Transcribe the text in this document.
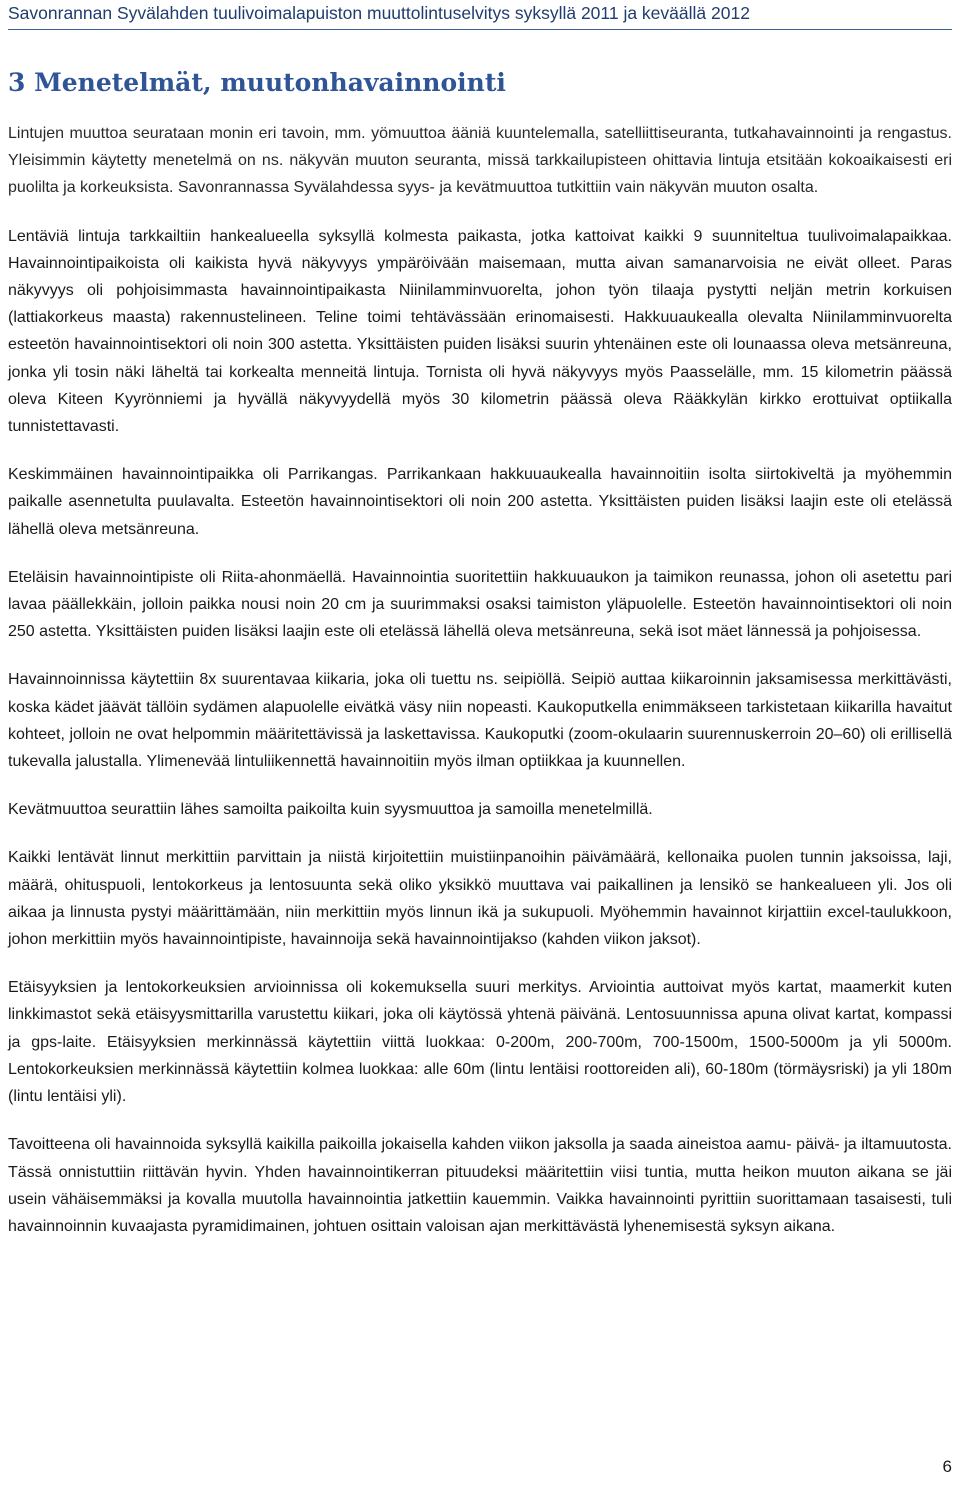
Savonrannan Syvälahden tuulivoimalapuiston muuttolintuselvitys syksyllä 2011 ja keväällä 2012
3 Menetelmät, muutonhavainnointi

Lintujen muuttoa seurataan monin eri tavoin, mm. yömuuttoa ääniä kuuntelemalla, satelliittiseuranta, tutkahavainnointi ja rengastus. Yleisimmin käytetty menetelmä on ns. näkyvän muuton seuranta, missä tarkkailupisteen ohittavia lintuja etsitään kokoaikaisesti eri puolilta ja korkeuksista. Savonrannassa Syvälahdessa syys- ja kevätmuuttoa tutkittiin vain näkyvän muuton osalta.

Lentäviä lintuja tarkkailtiin hankealueella syksyllä kolmesta paikasta, jotka kattoivat kaikki 9 suunniteltua tuulivoimalapaikkaa. Havainnointipaikoista oli kaikista hyvä näkyvyys ympäröivään maisemaan, mutta aivan samanarvoisia ne eivät olleet. Paras näkyvyys oli pohjoisimmasta havainnointipaikasta Niinilamminvuorelta, johon työn tilaaja pystytti neljän metrin korkuisen (lattiakorkeus maasta) rakennustelineen. Teline toimi tehtävässään erinomaisesti. Hakkuuaukealla olevalta Niinilamminvuorelta esteetön havainnointisektori oli noin 300 astetta. Yksittäisten puiden lisäksi suurin yhtenäinen este oli lounaassa oleva metsänreuna, jonka yli tosin näki läheltä tai korkealta menneitä lintuja. Tornista oli hyvä näkyvyys myös Paasselälle, mm. 15 kilometrin päässä oleva Kiteen Kyyrönniemi ja hyvällä näkyvyydellä myös 30 kilometrin päässä oleva Rääkkylän kirkko erottuivat optiikalla tunnistettavasti.

Keskimmäinen havainnointipaikka oli Parrikangas. Parrikankaan hakkuuaukealla havainnoitiin isolta siirtokiveltä ja myöhemmin paikalle asennetulta puulavalta. Esteetön havainnointisektori oli noin 200 astetta. Yksittäisten puiden lisäksi laajin este oli etelässä lähellä oleva metsänreuna.

Eteläisin havainnointipiste oli Riita-ahonmäellä. Havainnointia suoritettiin hakkuuaukon ja taimikon reunassa, johon oli asetettu pari lavaa päällekkäin, jolloin paikka nousi noin 20 cm ja suurimmaksi osaksi taimiston yläpuolelle. Esteetön havainnointisektori oli noin 250 astetta. Yksittäisten puiden lisäksi laajin este oli etelässä lähellä oleva metsänreuna, sekä isot mäet lännessä ja pohjoisessa.

Havainnoinnissa käytettiin 8x suurentavaa kiikaria, joka oli tuettu ns. seipiöllä. Seipiö auttaa kiikaroinnin jaksamisessa merkittävästi, koska kädet jäävät tällöin sydämen alapuolelle eivätkä väsy niin nopeasti. Kaukoputkella enimmäkseen tarkistetaan kiikarilla havaitut kohteet, jolloin ne ovat helpommin määritettävissä ja laskettavissa. Kaukoputki (zoom-okulaarin suurennuskerroin 20–60) oli erillisellä tukevalla jalustalla. Ylimenevää lintuliikennettä havainnoitiin myös ilman optiikkaa ja kuunnellen.

Kevätmuuttoa seurattiin lähes samoilta paikoilta kuin syysmuuttoa ja samoilla menetelmillä.

Kaikki lentävät linnut merkittiin parvittain ja niistä kirjoitettiin muistiinpanoihin päivämäärä, kellonaika puolen tunnin jaksoissa, laji, määrä, ohituspuoli, lentokorkeus ja lentosuunta sekä oliko yksikkö muuttava vai paikallinen ja lensikö se hankealueen yli. Jos oli aikaa ja linnusta pystyi määrittämään, niin merkittiin myös linnun ikä ja sukupuoli. Myöhemmin havainnot kirjattiin excel-taulukkoon, johon merkittiin myös havainnointipiste, havainnoija sekä havainnointijakso (kahden viikon jaksot).

Etäisyyksien ja lentokorkeuksien arvioinnissa oli kokemuksella suuri merkitys. Arviointia auttoivat myös kartat, maamerkit kuten linkkimastot sekä etäisyysmittarilla varustettu kiikari, joka oli käytössä yhtenä päivänä. Lentosuunnissa apuna olivat kartat, kompassi ja gps-laite. Etäisyyksien merkinnässä käytettiin viittä luokkaa: 0-200m, 200-700m, 700-1500m, 1500-5000m ja yli 5000m. Lentokorkeuksien merkinnässä käytettiin kolmea luokkaa: alle 60m (lintu lentäisi roottoreiden ali), 60-180m (törmäysriski) ja yli 180m (lintu lentäisi yli).

Tavoitteena oli havainnoida syksyllä kaikilla paikoilla jokaisella kahden viikon jaksolla ja saada aineistoa aamu- päivä- ja iltamuutosta. Tässä onnistuttiin riittävän hyvin. Yhden havainnointikerran pituudeksi määritettiin viisi tuntia, mutta heikon muuton aikana se jäi usein vähäisemmäksi ja kovalla muutolla havainnointia jatkettiin kauemmin. Vaikka havainnointi pyrittiin suorittamaan tasaisesti, tuli havainnoinnin kuvaajasta pyramidimainen, johtuen osittain valoisan ajan merkittävästä lyhenemisestä syksyn aikana.

6
